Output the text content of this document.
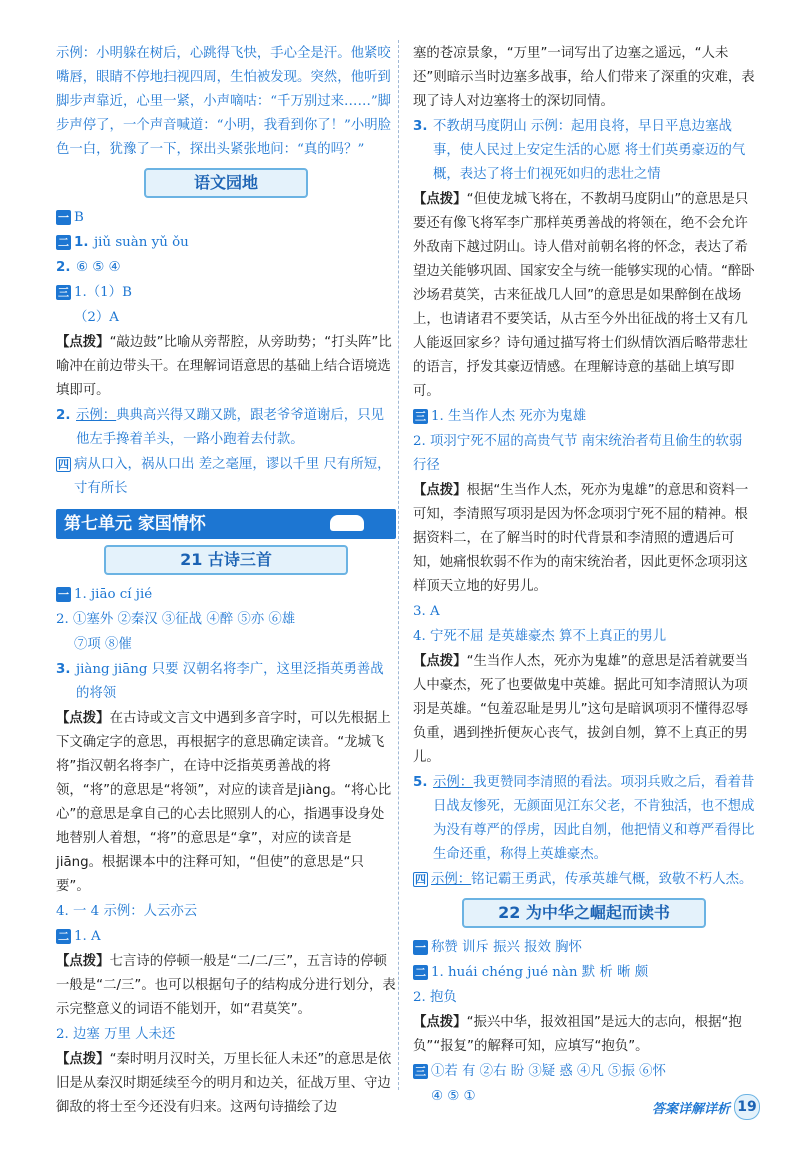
示例：小明躲在树后，心跳得飞快，手心全是汗。他紧咬嘴唇，眼睛不停地扫视四周，生怕被发现。突然，他听到脚步声靠近，心里一紧，小声嘀咕：“千万别过来……”脚步声停了，一个声音喊道：“小明，我看到你了！”小明脸色一白，犹豫了一下，探出头紧张地问：“真的吗？”

语文园地
一 B
二 1. jiǔ suàn yǔ ǒu
2. ⑥ ⑤ ④
三 1.（1）B
（2）A

【点拨】“敲边鼓”比喻从旁帮腔，从旁助势；“打头阵”比喻冲在前边带头干。在理解词语意思的基础上结合语境选填即可。

2. 示例：典典高兴得又蹦又跳，跟老爷爷道谢后，只见他左手搀着羊头，一路小跑着去付款。
四 病从口入，祸从口出 差之毫厘，谬以千里 尺有所短，寸有所长
第七单元 家国情怀
21 古诗三首
一 1. jiāo cí jié
2. ①塞外 ②秦汉 ③征战 ④醉 ⑤亦 ⑥雄
⑦项 ⑧催
3. jiàng jiāng 只要 汉朝名将李广，这里泛指英勇善战的将领

【点拨】在古诗或文言文中遇到多音字时，可以先根据上下文确定字的意思，再根据字的意思确定读音。“龙城飞将”指汉朝名将李广，在诗中泛指英勇善战的将领，“将”的意思是“将领”，对应的读音是jiàng。“将心比心”的意思是拿自己的心去比照别人的心，指遇事设身处地替别人着想，“将”的意思是“拿”，对应的读音是jiāng。根据课本中的注释可知，“但使”的意思是“只要”。

4. 一 4 示例：人云亦云
二 1. A

【点拨】七言诗的停顿一般是“二/二/三”，五言诗的停顿一般是“二/三”。也可以根据句子的结构成分进行划分，表示完整意义的词语不能划开，如“君莫笑”。

2. 边塞 万里 人未还

【点拨】“秦时明月汉时关，万里长征人未还”的意思是依旧是从秦汉时期延续至今的明月和边关，征战万里、守边御敌的将士至今还没有归来。这两句诗描绘了边

塞的苍凉景象，“万里”一词写出了边塞之遥远，“人未还”则暗示当时边塞多战事，给人们带来了深重的灾难，表现了诗人对边塞将士的深切同情。

3. 不教胡马度阴山 示例：起用良将，早日平息边塞战事，使人民过上安定生活的心愿 将士们英勇豪迈的气概，表达了将士们视死如归的悲壮之情

【点拨】“但使龙城飞将在，不教胡马度阴山”的意思是只要还有像飞将军李广那样英勇善战的将领在，绝不会允许外敌南下越过阴山。诗人借对前朝名将的怀念，表达了希望边关能够巩固、国家安全与统一能够实现的心情。“醉卧沙场君莫笑，古来征战几人回”的意思是如果醉倒在战场上，也请诸君不要笑话，从古至今外出征战的将士又有几人能返回家乡？诗句通过描写将士们纵情饮酒后略带悲壮的语言，抒发其豪迈情感。在理解诗意的基础上填写即可。

三 1. 生当作人杰 死亦为鬼雄
2. 项羽宁死不屈的高贵气节 南宋统治者苟且偷生的软弱行径

【点拨】根据“生当作人杰，死亦为鬼雄”的意思和资料一可知，李清照写项羽是因为怀念项羽宁死不屈的精神。根据资料二，在了解当时的时代背景和李清照的遭遇后可知，她痛恨软弱不作为的南宋统治者，因此更怀念项羽这样顶天立地的好男儿。

3. A
4. 宁死不屈 是英雄豪杰 算不上真正的男儿

【点拨】“生当作人杰，死亦为鬼雄”的意思是活着就要当人中豪杰，死了也要做鬼中英雄。据此可知李清照认为项羽是英雄。“包羞忍耻是男儿”这句是暗讽项羽不懂得忍辱负重，遇到挫折便灰心丧气，拔剑自刎，算不上真正的男儿。

5. 示例：我更赞同李清照的看法。项羽兵败之后，看着昔日战友惨死，无颜面见江东父老，不肯独活，也不想成为没有尊严的俘虏，因此自刎，他把情义和尊严看得比生命还重，称得上英雄豪杰。
四 示例：铭记霸王勇武，传承英雄气概，致敬不朽人杰。
22 为中华之崛起而读书
一 称赞 训斥 振兴 报效 胸怀
二 1. huái chéng jué nàn 默 析 晰 颇
2. 抱负

【点拨】“振兴中华，报效祖国”是远大的志向，根据“抱负”“报复”的解释可知，应填写“抱负”。

三 ①若 有 ②右 盼 ③疑 惑 ④凡 ⑤振 ⑥怀
④ ⑤ ①
答案详解详析 19
